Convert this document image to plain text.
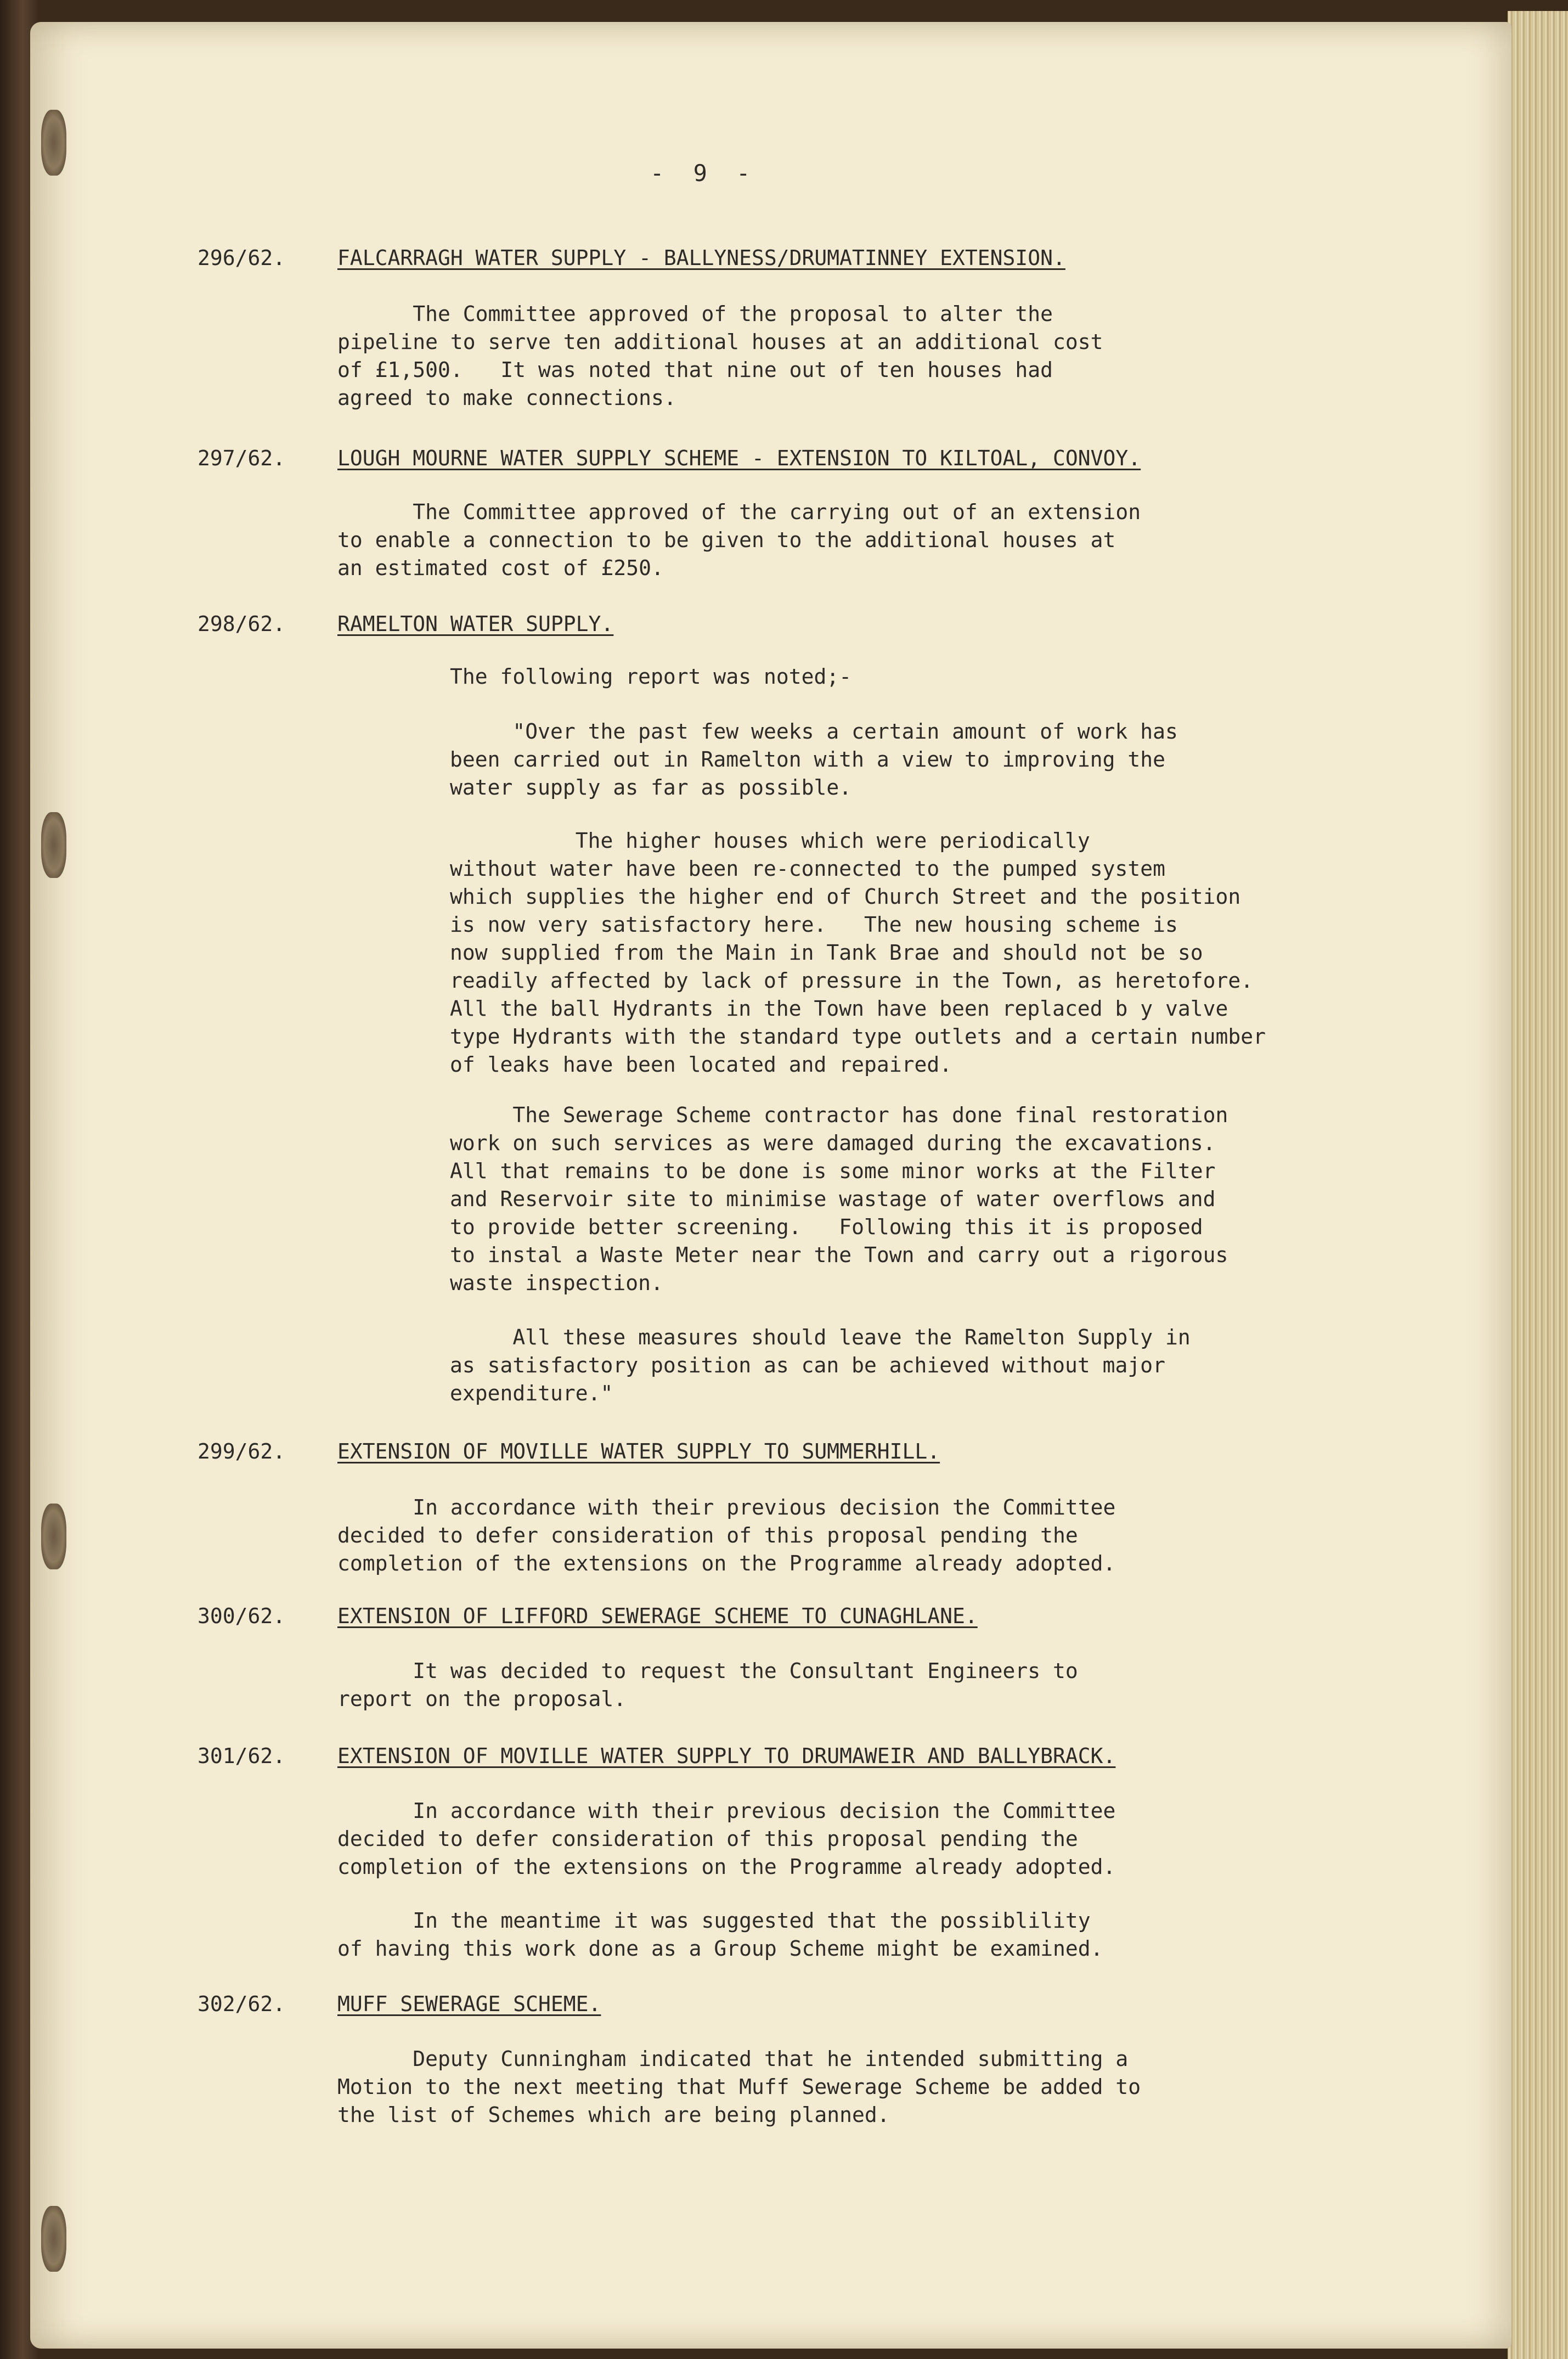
- 9 -
296/62. FALCARRAGH WATER SUPPLY - BALLYNESS/DRUMATINNEY EXTENSION.

The Committee approved of the proposal to alter the
pipeline to serve ten additional houses at an additional cost
of £1,500.   It was noted that nine out of ten houses had
agreed to make connections.

297/62. LOUGH MOURNE WATER SUPPLY SCHEME - EXTENSION TO KILTOAL, CONVOY.

The Committee approved of the carrying out of an extension
to enable a connection to be given to the additional houses at
an estimated cost of £250.

298/62. RAMELTON WATER SUPPLY.

The following report was noted;-

"Over the past few weeks a certain amount of work has
been carried out in Ramelton with a view to improving the
water supply as far as possible.

The higher houses which were periodically
without water have been re-connected to the pumped system
which supplies the higher end of Church Street and the position
is now very satisfactory here.   The new housing scheme is
now supplied from the Main in Tank Brae and should not be so
readily affected by lack of pressure in the Town, as heretofore.
All the ball Hydrants in the Town have been replaced b y valve
type Hydrants with the standard type outlets and a certain number
of leaks have been located and repaired.

The Sewerage Scheme contractor has done final restoration
work on such services as were damaged during the excavations.
All that remains to be done is some minor works at the Filter
and Reservoir site to minimise wastage of water overflows and
to provide better screening.   Following this it is proposed
to instal a Waste Meter near the Town and carry out a rigorous
waste inspection.

All these measures should leave the Ramelton Supply in
as satisfactory position as can be achieved without major
expenditure."

299/62. EXTENSION OF MOVILLE WATER SUPPLY TO SUMMERHILL.

In accordance with their previous decision the Committee
decided to defer consideration of this proposal pending the
completion of the extensions on the Programme already adopted.

300/62. EXTENSION OF LIFFORD SEWERAGE SCHEME TO CUNAGHLANE.

It was decided to request the Consultant Engineers to
report on the proposal.

301/62. EXTENSION OF MOVILLE WATER SUPPLY TO DRUMAWEIR AND BALLYBRACK.

In accordance with their previous decision the Committee
decided to defer consideration of this proposal pending the
completion of the extensions on the Programme already adopted.

In the meantime it was suggested that the possiblility
of having this work done as a Group Scheme might be examined.

302/62. MUFF SEWERAGE SCHEME.

Deputy Cunningham indicated that he intended submitting a
Motion to the next meeting that Muff Sewerage Scheme be added to
the list of Schemes which are being planned.
